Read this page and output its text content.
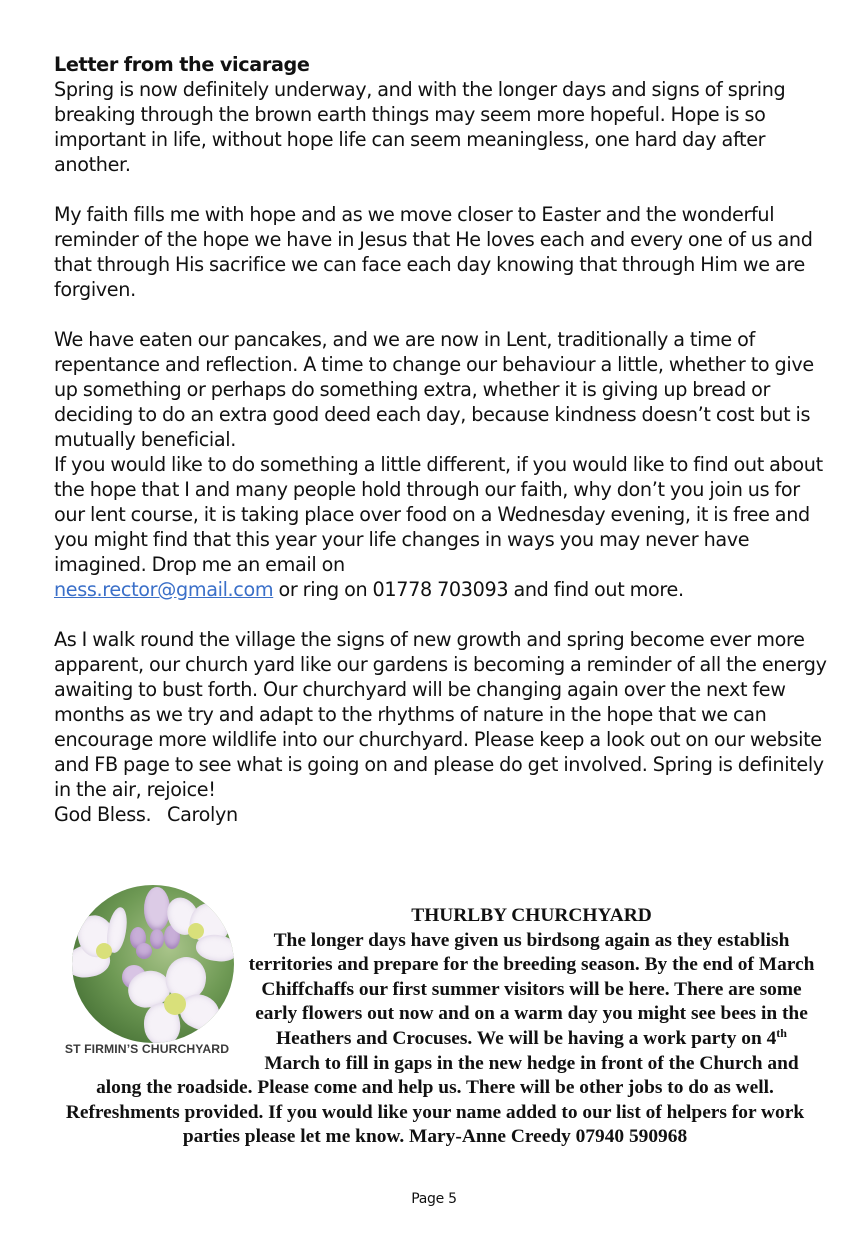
Letter from the vicarage

Spring is now definitely underway, and with the longer days and signs of spring breaking through the brown earth things may seem more hopeful. Hope is so important in life, without hope life can seem meaningless, one hard day after another.

My faith fills me with hope and as we move closer to Easter and the wonderful reminder of the hope we have in Jesus that He loves each and every one of us and that through His sacrifice we can face each day knowing that through Him we are forgiven.

We have eaten our pancakes, and we are now in Lent, traditionally a time of repentance and reflection. A time to change our behaviour a little, whether to give up something or perhaps do something extra, whether it is giving up bread or deciding to do an extra good deed each day, because kindness doesn’t cost but is mutually beneficial.

If you would like to do something a little different, if you would like to find out about the hope that I and many people hold through our faith, why don’t you join us for our lent course, it is taking place over food on a Wednesday evening, it is free and you might find that this year your life changes in ways you may never have imagined. Drop me an email on
ness.rector@gmail.com or ring on 01778 703093 and find out more.

As I walk round the village the signs of new growth and spring become ever more apparent, our church yard like our gardens is becoming a reminder of all the energy awaiting to bust forth. Our churchyard will be changing again over the next few months as we try and adapt to the rhythms of nature in the hope that we can encourage more wildlife into our churchyard. Please keep a look out on our website and FB page to see what is going on and please do get involved. Spring is definitely in the air, rejoice!

God Bless.   Carolyn

ST FIRMIN’S CHURCHYARD

THURLBY CHURCHYARD

The longer days have given us birdsong again as they establish territories and prepare for the breeding season. By the end of March Chiffchaffs our first summer visitors will be here. There are some early flowers out now and on a warm day you might see bees in the Heathers and Crocuses. We will be having a work party on 4th March to fill in gaps in the new hedge in front of the Church and along the roadside. Please come and help us. There will be other jobs to do as well. Refreshments provided. If you would like your name added to our list of helpers for work parties please let me know. Mary-Anne Creedy 07940 590968

Page 5
